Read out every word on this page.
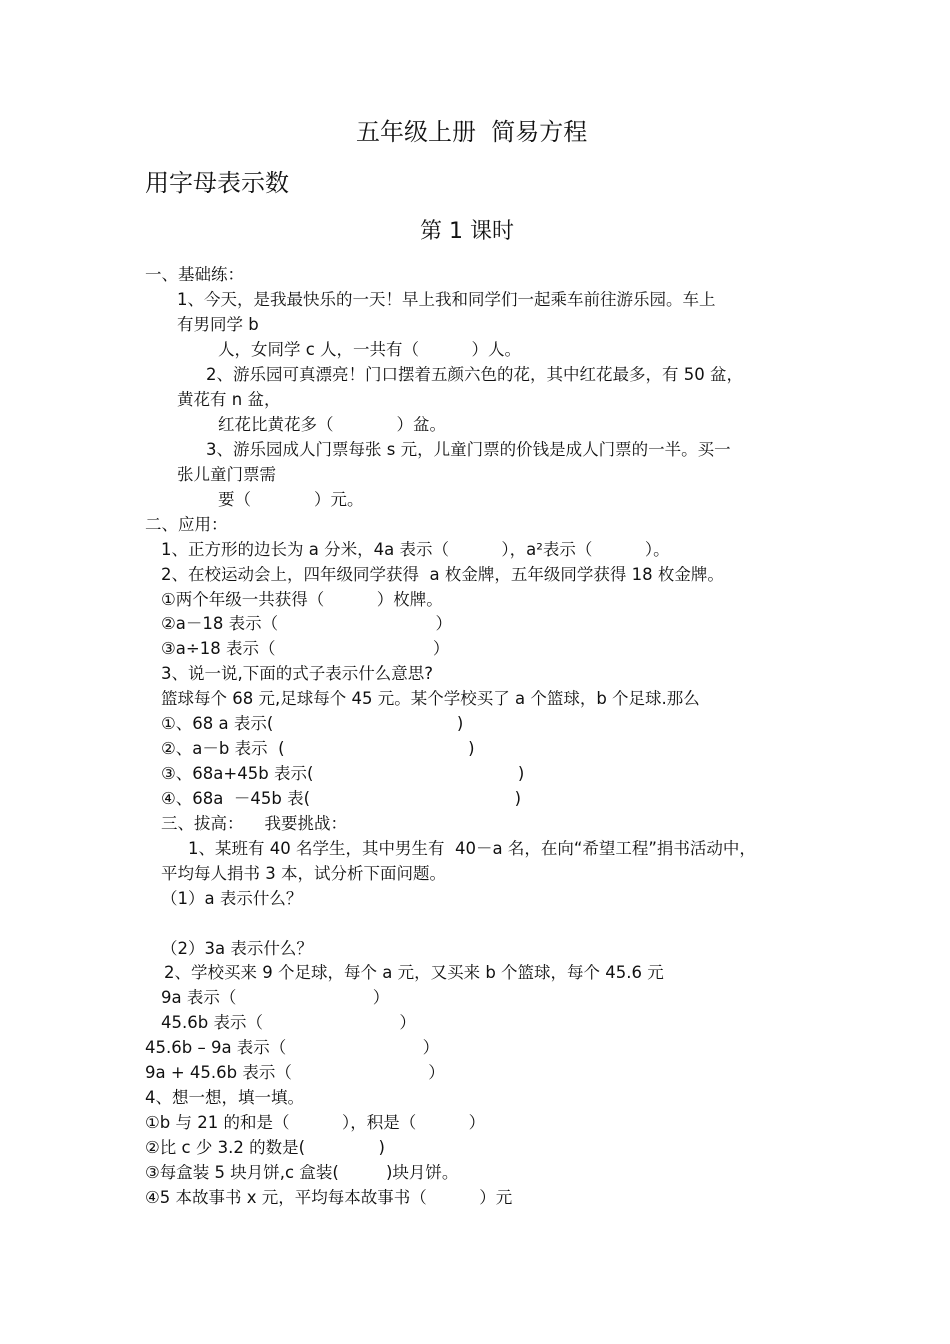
五年级上册  简易方程
用字母表示数
第 1 课时
一、基础练：
1、今天，是我最快乐的一天！早上我和同学们一起乘车前往游乐园。车上
有男同学 b
人，女同学 c 人，一共有（          ）人。
2、游乐园可真漂亮！门口摆着五颜六色的花，其中红花最多，有 50 盆，
黄花有 n 盆，
红花比黄花多（            ）盆。
3、游乐园成人门票每张 s 元，儿童门票的价钱是成人门票的一半。买一
张儿童门票需
要（            ）元。
二、应用：
1、正方形的边长为 a 分米，4a 表示（          ），a²表示（          ）。
2、在校运动会上，四年级同学获得  a 枚金牌，五年级同学获得 18 枚金牌。
①两个年级一共获得（          ）枚牌。
②a－18 表示（                              ）
③a÷18 表示（                              ）
3、说一说,下面的式子表示什么意思?
篮球每个 68 元,足球每个 45 元。某个学校买了 a 个篮球，b 个足球.那么
①、68 a 表示(                                   )
②、a－b 表示  (                                   )
③、68a+45b 表示(                                       )
④、68a  －45b 表(                                       )
三、拔高：    我要挑战：
1、某班有 40 名学生，其中男生有  40－a 名，在向“希望工程”捐书活动中，
平均每人捐书 3 本，试分析下面问题。
（1）a 表示什么？
（2）3a 表示什么？
2、学校买来 9 个足球，每个 a 元，又买来 b 个篮球，每个 45.6 元
9a 表示（                          ）
45.6b 表示（                          ）
45.6b – 9a 表示（                          ）
9a + 45.6b 表示（                          ）
4、想一想，填一填。
①b 与 21 的和是（          ），积是（          ）
②比 c 少 3.2 的数是(              )
③每盒装 5 块月饼,c 盒装(         )块月饼。
④5 本故事书 x 元，平均每本故事书（          ）元
